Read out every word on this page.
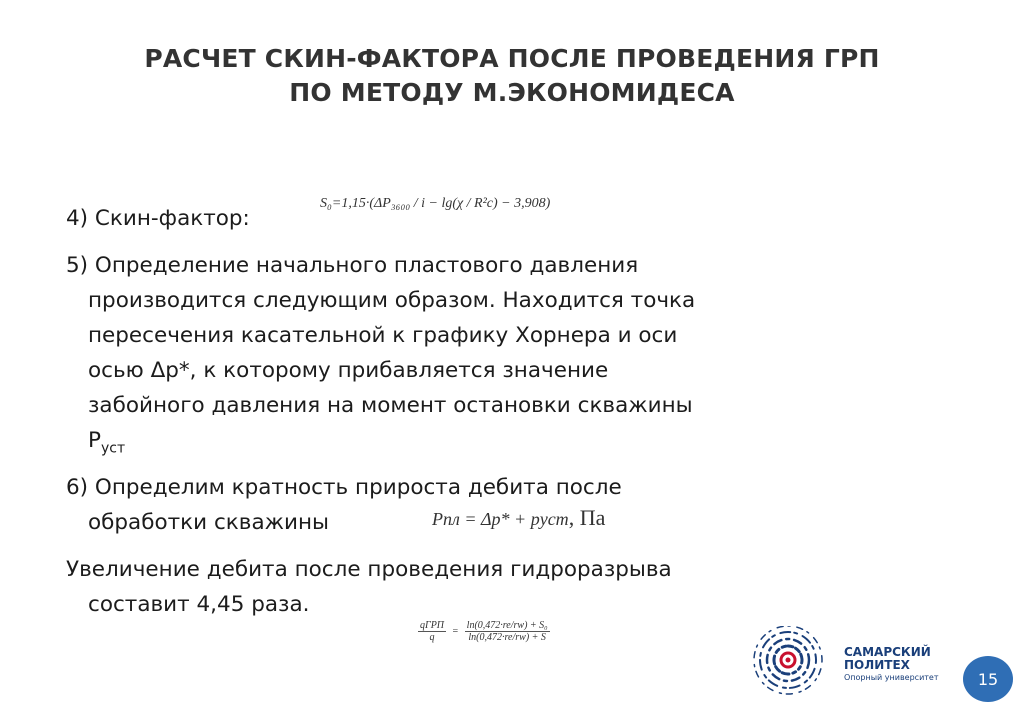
РАСЧЕТ СКИН-ФАКТОРА ПОСЛЕ ПРОВЕДЕНИЯ ГРП
ПО МЕТОДУ М.ЭКОНОМИДЕСА
4) Скин-фактор:
S₀=1,15·(ΔP₃₆₀₀ / i − lg(χ / R²c) − 3,908)
5) Определение начального пластового давления
производится следующим образом. Находится точка
пересечения касательной к графику Хорнера и оси
осью Δp*, к которому прибавляется значение
забойного давления на момент остановки скважины
$P_{уст}$
6) Определим кратность прироста дебита после
обработки скважины	Pпл = Δp* + pуст, Па
Увеличение дебита после проведения гидроразрыва
составит 4,45 раза.
$\frac{\text{qГРП}}{q} = \frac{\text{ln(0,472·re/rw) + S₀}}{\ln(0,472\cdot re/rw) + S}$
САМАРСКИЙ
ПОЛИТЕХ
Опорный университет	15
